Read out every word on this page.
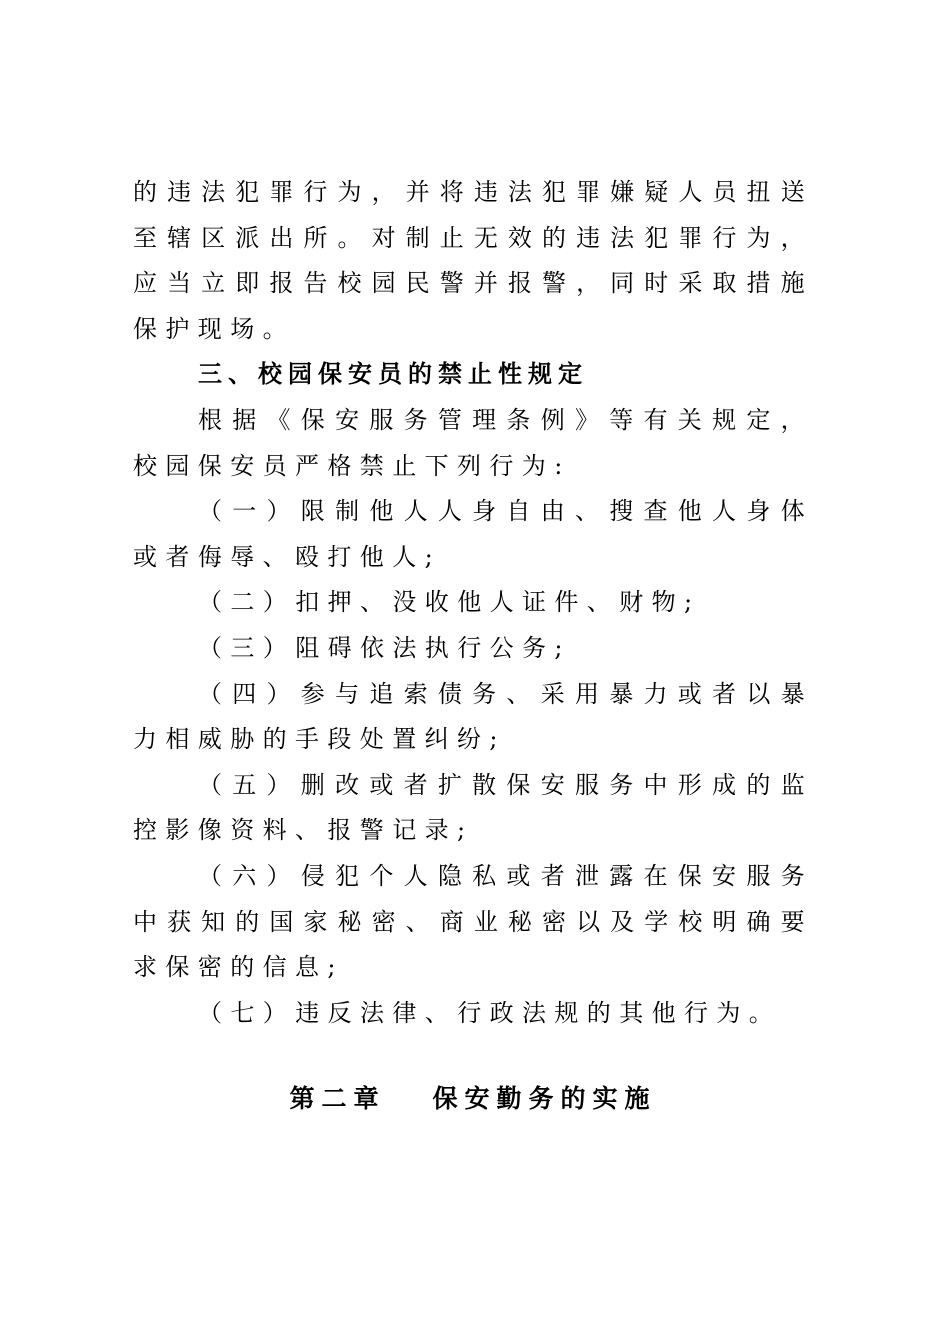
的违法犯罪行为，并将违法犯罪嫌疑人员扭送至辖区派出所。对制止无效的违法犯罪行为，应当立即报告校园民警并报警，同时采取措施保护现场。

三、校园保安员的禁止性规定

根据《保安服务管理条例》等有关规定，校园保安员严格禁止下列行为:

（一）限制他人人身自由、搜查他人身体或者侮辱、殴打他人;

（二）扣押、没收他人证件、财物;

（三）阻碍依法执行公务;

（四）参与追索债务、采用暴力或者以暴力相威胁的手段处置纠纷;

（五）删改或者扩散保安服务中形成的监控影像资料、报警记录;

（六）侵犯个人隐私或者泄露在保安服务中获知的国家秘密、商业秘密以及学校明确要求保密的信息;

（七）违反法律、行政法规的其他行为。

第二章   保安勤务的实施
